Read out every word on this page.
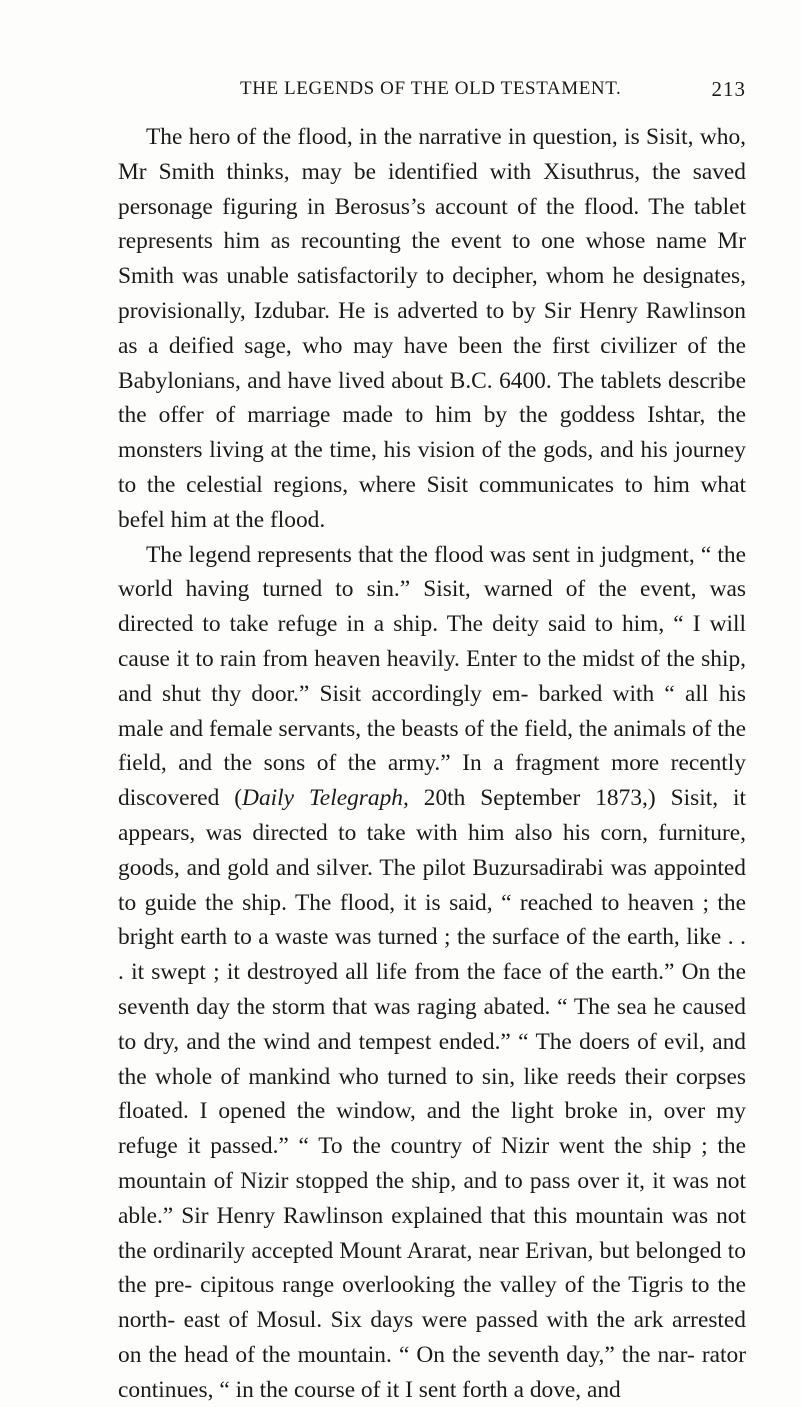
THE LEGENDS OF THE OLD TESTAMENT.	213

The hero of the flood, in the narrative in question, is Sisit, who, Mr Smith thinks, may be identified with Xisuthrus, the saved personage figuring in Berosus’s account of the flood. The tablet represents him as recounting the event to one whose name Mr Smith was unable satisfactorily to decipher, whom he designates, provisionally, Izdubar. He is adverted to by Sir Henry Rawlinson as a deified sage, who may have been the first civilizer of the Babylonians, and have lived about B.C. 6400. The tablets describe the offer of marriage made to him by the goddess Ishtar, the monsters living at the time, his vision of the gods, and his journey to the celestial regions, where Sisit communicates to him what befel him at the flood.

The legend represents that the flood was sent in judgment, “ the world having turned to sin.” Sisit, warned of the event, was directed to take refuge in a ship. The deity said to him, “ I will cause it to rain from heaven heavily. Enter to the midst of the ship, and shut thy door.” Sisit accordingly em- barked with “ all his male and female servants, the beasts of the field, the animals of the field, and the sons of the army.” In a fragment more recently discovered (Daily Telegraph, 20th September 1873,) Sisit, it appears, was directed to take with him also his corn, furniture, goods, and gold and silver. The pilot Buzursadirabi was appointed to guide the ship. The flood, it is said, “ reached to heaven ; the bright earth to a waste was turned ; the surface of the earth, like . . . it swept ; it destroyed all life from the face of the earth.” On the seventh day the storm that was raging abated. “ The sea he caused to dry, and the wind and tempest ended.” “ The doers of evil, and the whole of mankind who turned to sin, like reeds their corpses floated. I opened the window, and the light broke in, over my refuge it passed.” “ To the country of Nizir went the ship ; the mountain of Nizir stopped the ship, and to pass over it, it was not able.” Sir Henry Rawlinson explained that this mountain was not the ordinarily accepted Mount Ararat, near Erivan, but belonged to the pre- cipitous range overlooking the valley of the Tigris to the north- east of Mosul. Six days were passed with the ark arrested on the head of the mountain. “ On the seventh day,” the nar- rator continues, “ in the course of it I sent forth a dove, and
